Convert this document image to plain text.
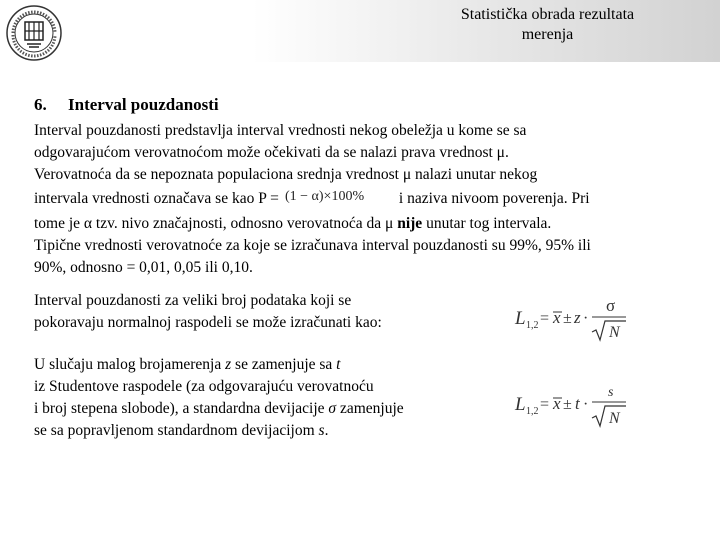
Statistička obrada rezultata
merenja
6. Interval pouzdanosti
Interval pouzdanosti predstavlja interval vrednosti nekog obeležja u kome se sa
odgovarajućom verovatnoćom može očekivati da se nalazi prava vrednost μ.
Verovatnoća da se nepoznata populaciona srednja vrednost μ nalazi unutar nekog
intervala vrednosti označava se kao P = (1 − α)×100% i naziva nivoom poverenja. Pri
tome je α tzv. nivo značajnosti, odnosno verovatnoća da μ nije unutar tog intervala.
Tipične vrednosti verovatnoće za koje se izračunava interval pouzdanosti su 99%, 95% ili
90%, odnosno = 0,01, 0,05 ili 0,10.
Interval pouzdanosti za veliki broj podataka koji se
pokoravaju normalnoj raspodeli se može izračunati kao:
U slučaju malog brojamerenja z se zamenjuje sa t
iz Studentove raspodele (za odgovarajuću verovatnoću
i broj stepena slobode), a standardna devijacije σ zamenjuje
se sa popravljenom standardnom devijacijom s.
L 1,2 = x ± z ·
σ
N
L 1,2 = x ± t ·
s
N
